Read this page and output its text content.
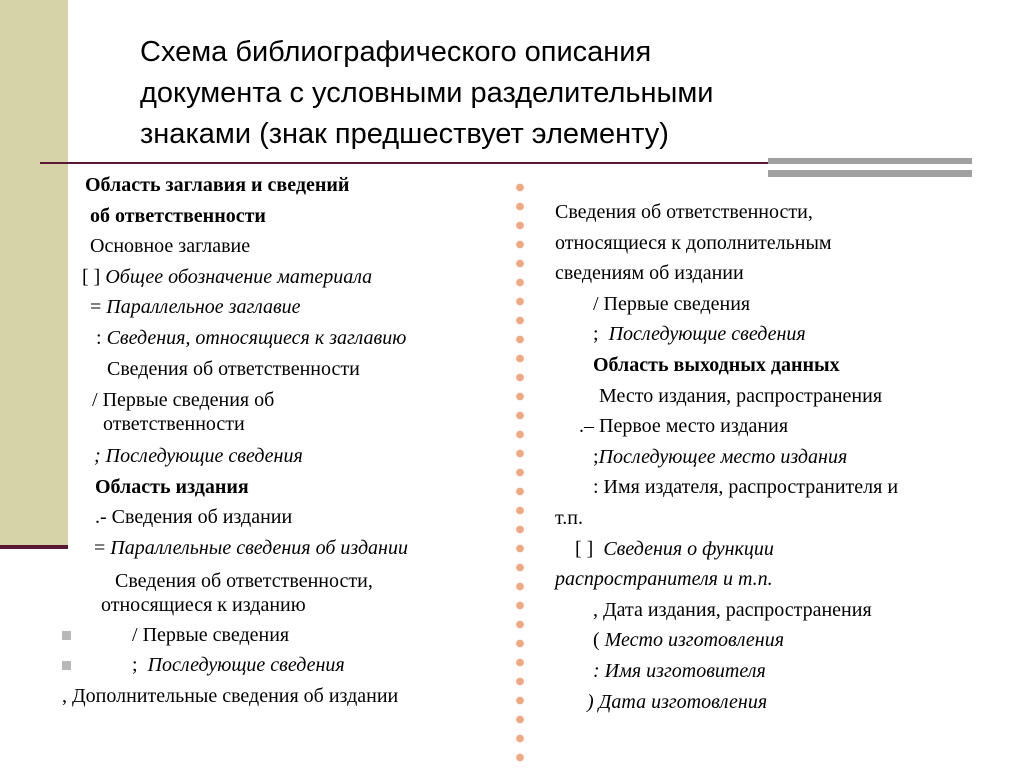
Схема библиографического описания
документа с условными разделительными
знаками (знак предшествует элементу)
Область заглавия и сведений
об ответственности
Основное заглавие
[ ] Общее обозначение материала
= Параллельное заглавие
: Сведения, относящиеся к заглавию
Сведения об ответственности
/ Первые сведения об
ответственности
; Последующие сведения
Область издания
.- Сведения об издании
= Параллельные сведения об издании
Сведения об ответственности,
относящиеся к изданию
/ Первые сведения
;  Последующие сведения
, Дополнительные сведения об издании
Сведения об ответственности,
относящиеся к дополнительным
сведениям об издании
/ Первые сведения
;  Последующие сведения
Область выходных данных
Место издания, распространения
.– Первое место издания
;Последующее место издания
: Имя издателя, распространителя и
т.п.
[ ]  Сведения о функции
распространителя и т.п.
, Дата издания, распространения
( Место изготовления
: Имя изготовителя
) Дата изготовления
